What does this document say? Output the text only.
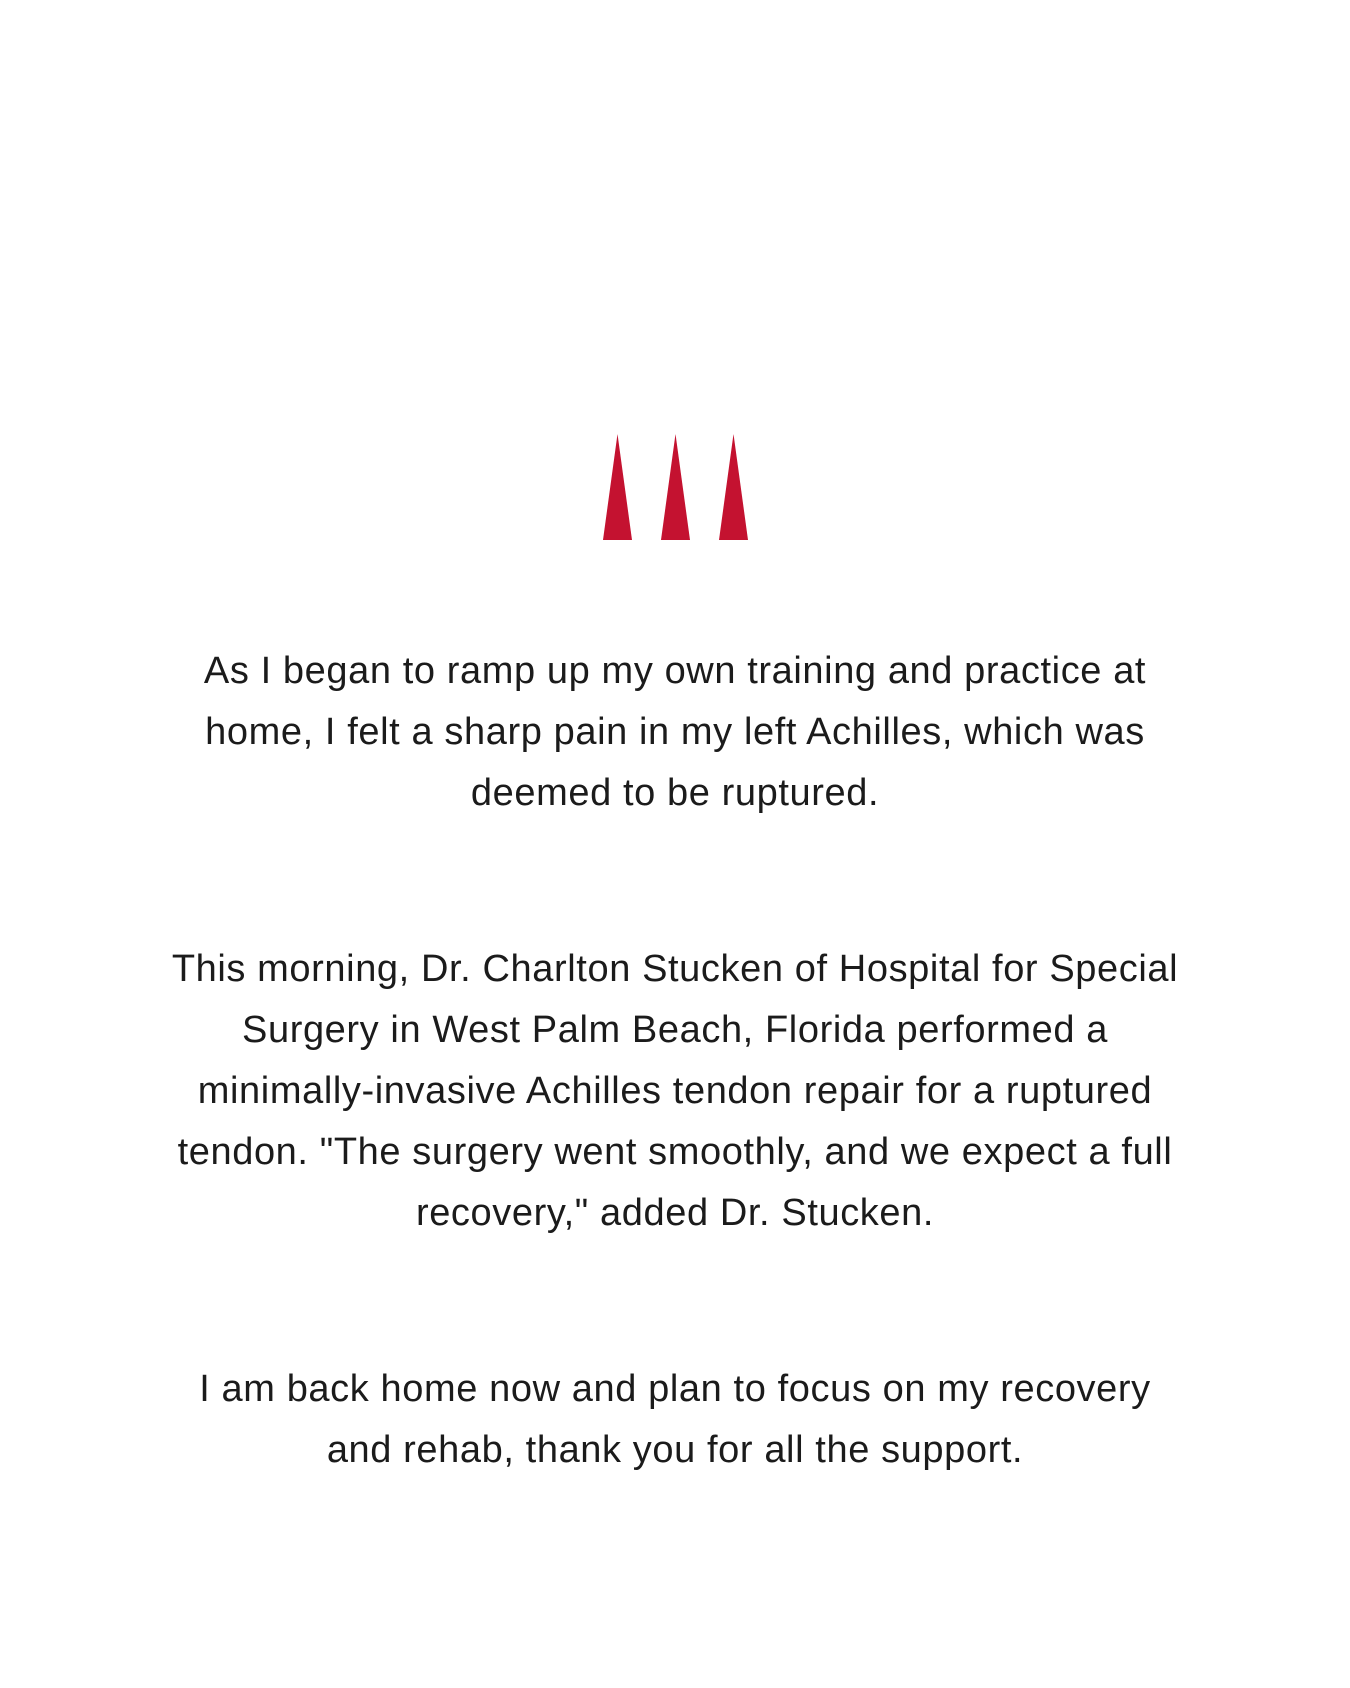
As I began to ramp up my own training and practice at
home, I felt a sharp pain in my left Achilles, which was
deemed to be ruptured.

This morning, Dr. Charlton Stucken of Hospital for Special
Surgery in West Palm Beach, Florida performed a
minimally-invasive Achilles tendon repair for a ruptured
tendon. "The surgery went smoothly, and we expect a full
recovery," added Dr. Stucken.

I am back home now and plan to focus on my recovery
and rehab, thank you for all the support.
